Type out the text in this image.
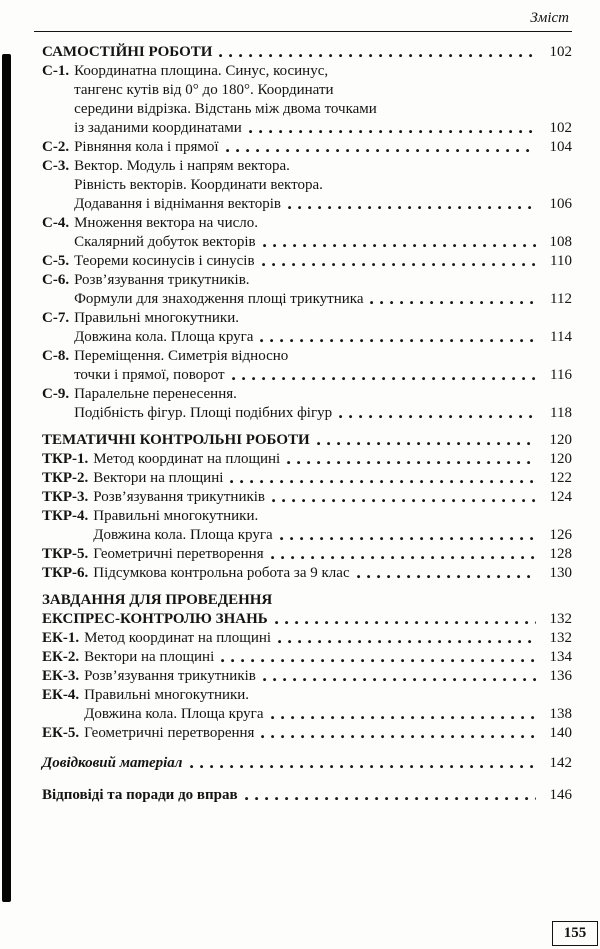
Зміст
САМОСТІЙНІ РОБОТИ	102
С-1. Координатна площина. Синус, косинус,
тангенс кутів від 0° до 180°. Координати
середини відрізка. Відстань між двома точками
із заданими координатами	102
С-2. Рівняння кола і прямої	104
С-3. Вектор. Модуль і напрям вектора.
Рівність векторів. Координати вектора.
Додавання і віднімання векторів	106
С-4. Множення вектора на число.
Скалярний добуток векторів	108
С-5. Теореми косинусів і синусів	110
С-6. Розв’язування трикутників.
Формули для знаходження площі трикутника	112
С-7. Правильні многокутники.
Довжина кола. Площа круга	114
С-8. Переміщення. Симетрія відносно
точки і прямої, поворот	116
С-9. Паралельне перенесення.
Подібність фігур. Площі подібних фігур	118
ТЕМАТИЧНІ КОНТРОЛЬНІ РОБОТИ	120
ТКР-1. Метод координат на площині	120
ТКР-2. Вектори на площині	122
ТКР-3. Розв’язування трикутників	124
ТКР-4. Правильні многокутники.
Довжина кола. Площа круга	126
ТКР-5. Геометричні перетворення	128
ТКР-6. Підсумкова контрольна робота за 9 клас	130
ЗАВДАННЯ ДЛЯ ПРОВЕДЕННЯ
ЕКСПРЕС-КОНТРОЛЮ ЗНАНЬ	132
ЕК-1. Метод координат на площині	132
ЕК-2. Вектори на площині	134
ЕК-3. Розв’язування трикутників	136
ЕК-4. Правильні многокутники.
Довжина кола. Площа круга	138
ЕК-5. Геометричні перетворення	140
Довідковий матеріал	142
Відповіді та поради до вправ	146
155
